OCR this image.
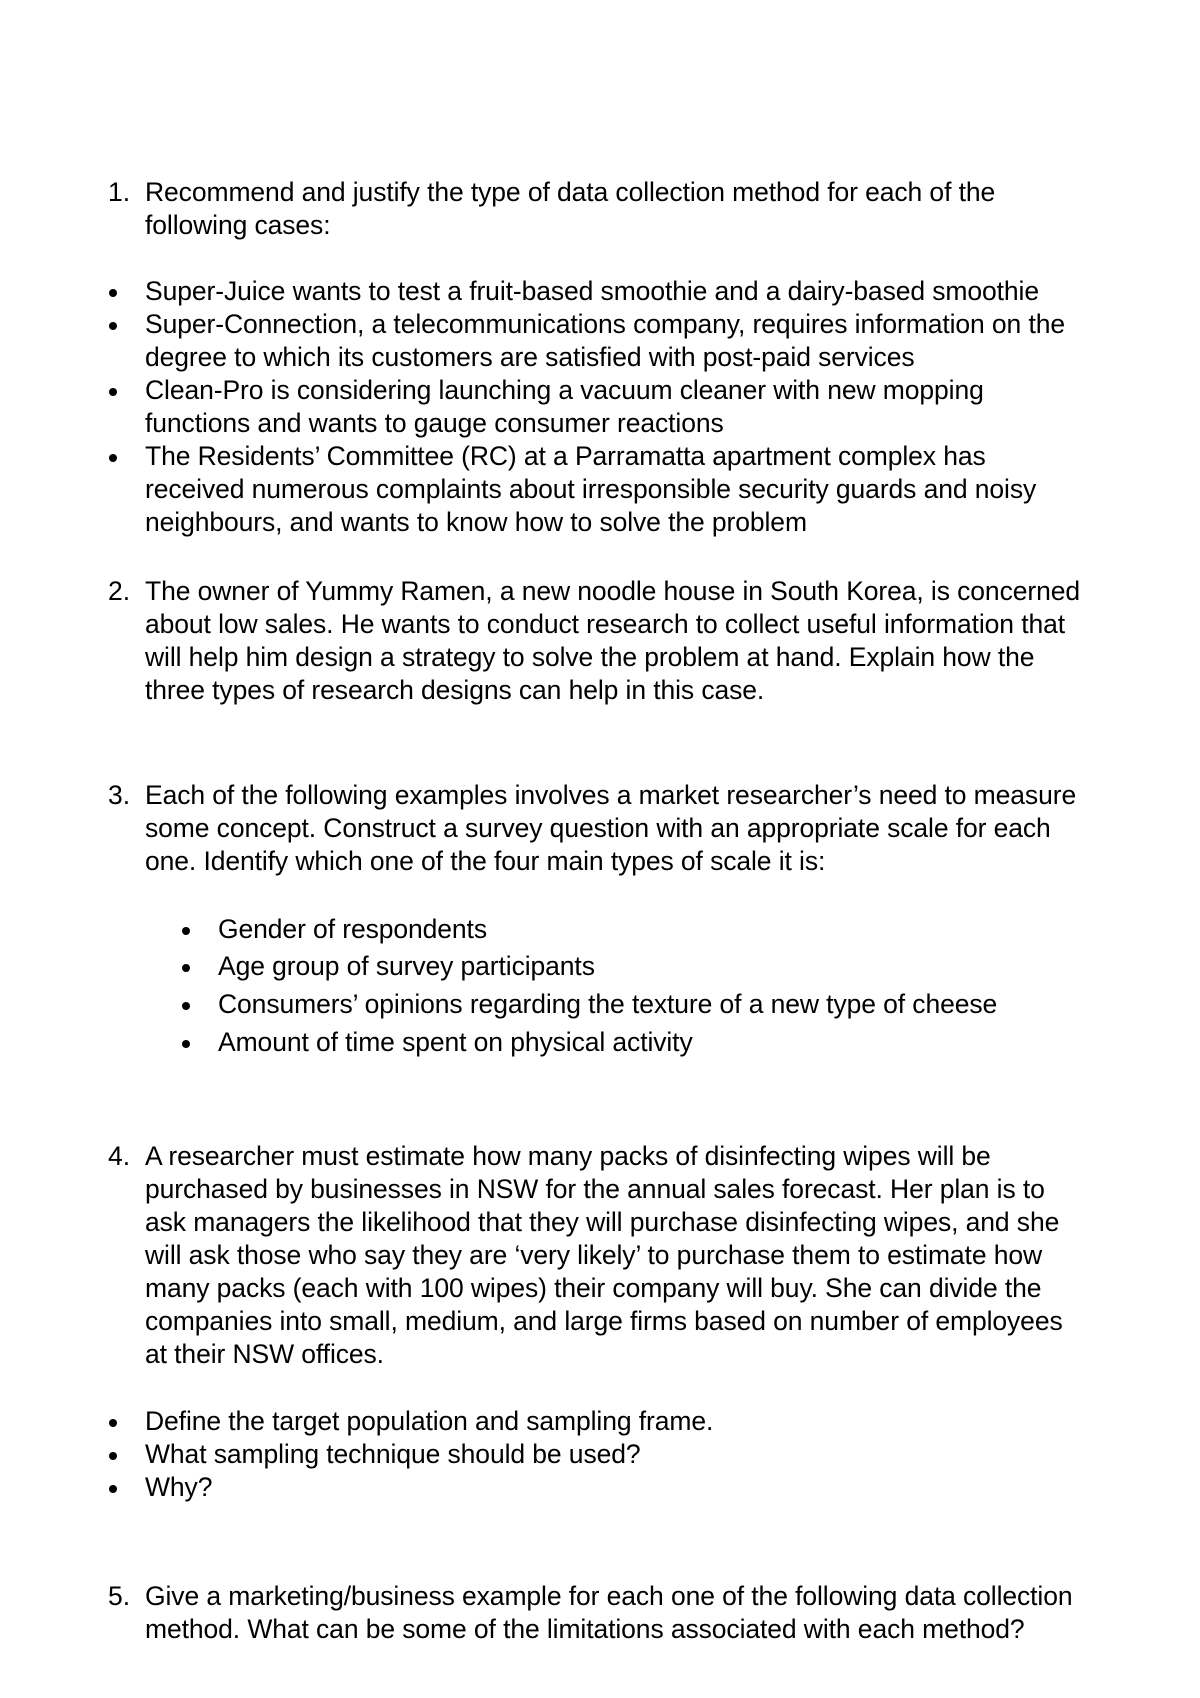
1. Recommend and justify the type of data collection method for each of the
following cases:
Super-Juice wants to test a fruit-based smoothie and a dairy-based smoothie
Super-Connection, a telecommunications company, requires information on the
degree to which its customers are satisfied with post-paid services
Clean-Pro is considering launching a vacuum cleaner with new mopping
functions and wants to gauge consumer reactions
The Residents’ Committee (RC) at a Parramatta apartment complex has
received numerous complaints about irresponsible security guards and noisy
neighbours, and wants to know how to solve the problem
2. The owner of Yummy Ramen, a new noodle house in South Korea, is concerned
about low sales. He wants to conduct research to collect useful information that
will help him design a strategy to solve the problem at hand. Explain how the
three types of research designs can help in this case.
3. Each of the following examples involves a market researcher’s need to measure
some concept. Construct a survey question with an appropriate scale for each
one. Identify which one of the four main types of scale it is:
Gender of respondents
Age group of survey participants
Consumers’ opinions regarding the texture of a new type of cheese
Amount of time spent on physical activity
4. A researcher must estimate how many packs of disinfecting wipes will be
purchased by businesses in NSW for the annual sales forecast. Her plan is to
ask managers the likelihood that they will purchase disinfecting wipes, and she
will ask those who say they are ‘very likely’ to purchase them to estimate how
many packs (each with 100 wipes) their company will buy. She can divide the
companies into small, medium, and large firms based on number of employees
at their NSW offices.
Define the target population and sampling frame.
What sampling technique should be used?
Why?
5. Give a marketing/business example for each one of the following data collection
method. What can be some of the limitations associated with each method?
